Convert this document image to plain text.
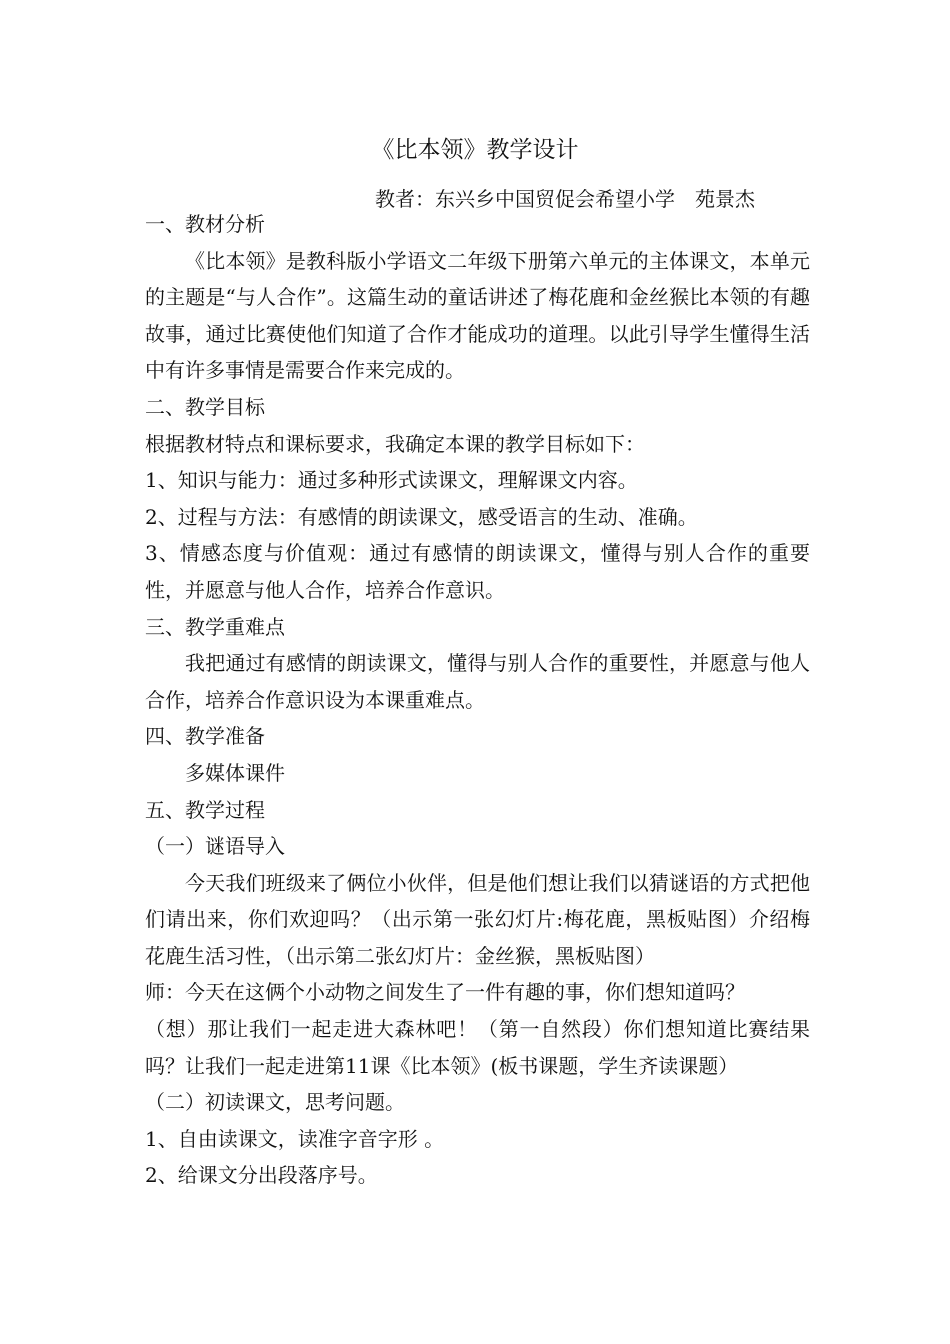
《比本领》教学设计
教者：东兴乡中国贸促会希望小学　苑景杰

一、教材分析

《比本领》是教科版小学语文二年级下册第六单元的主体课文，本单元的主题是“与人合作”。这篇生动的童话讲述了梅花鹿和金丝猴比本领的有趣故事，通过比赛使他们知道了合作才能成功的道理。以此引导学生懂得生活中有许多事情是需要合作来完成的。

二、教学目标

根据教材特点和课标要求，我确定本课的教学目标如下：

1、知识与能力：通过多种形式读课文，理解课文内容。

2、过程与方法：有感情的朗读课文，感受语言的生动、准确。

3、情感态度与价值观：通过有感情的朗读课文，懂得与别人合作的重要性，并愿意与他人合作，培养合作意识。

三、教学重难点

我把通过有感情的朗读课文，懂得与别人合作的重要性，并愿意与他人合作，培养合作意识设为本课重难点。

四、教学准备

多媒体课件

五、教学过程

（一）谜语导入

今天我们班级来了俩位小伙伴，但是他们想让我们以猜谜语的方式把他们请出来，你们欢迎吗？（出示第一张幻灯片:梅花鹿，黑板贴图）介绍梅花鹿生活习性，（出示第二张幻灯片：金丝猴，黑板贴图）

师：今天在这俩个小动物之间发生了一件有趣的事，你们想知道吗？

（想）那让我们一起走进大森林吧！（第一自然段）你们想知道比赛结果吗？让我们一起走进第11课《比本领》(板书课题，学生齐读课题）

（二）初读课文，思考问题。

1、自由读课文，读准字音字形 。

2、给课文分出段落序号。
